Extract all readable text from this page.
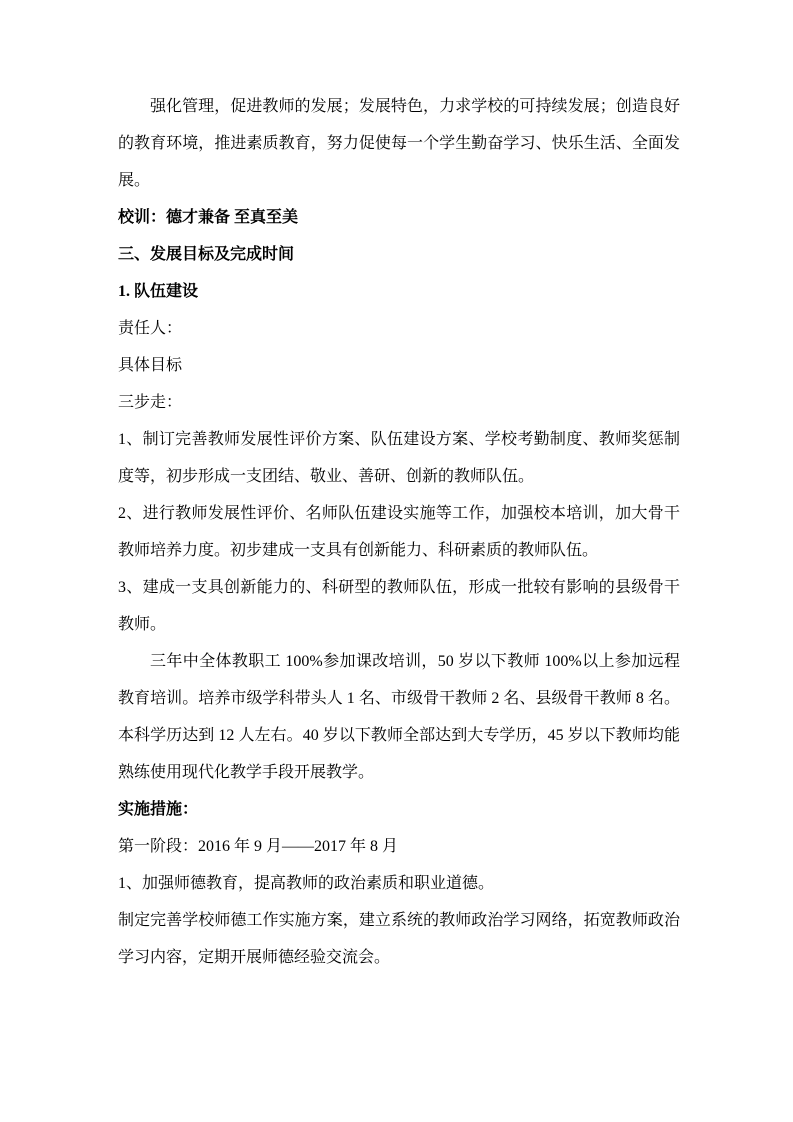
强化管理，促进教师的发展；发展特色，力求学校的可持续发展；创造良好的教育环境，推进素质教育，努力促使每一个学生勤奋学习、快乐生活、全面发展。

校训：德才兼备 至真至美

三、发展目标及完成时间

1. 队伍建设

责任人：

具体目标

三步走：

1、制订完善教师发展性评价方案、队伍建设方案、学校考勤制度、教师奖惩制度等，初步形成一支团结、敬业、善研、创新的教师队伍。

2、进行教师发展性评价、名师队伍建设实施等工作，加强校本培训，加大骨干教师培养力度。初步建成一支具有创新能力、科研素质的教师队伍。

3、建成一支具创新能力的、科研型的教师队伍，形成一批较有影响的县级骨干教师。

三年中全体教职工 100%参加课改培训，50 岁以下教师 100%以上参加远程教育培训。培养市级学科带头人 1 名、市级骨干教师 2 名、县级骨干教师 8 名。本科学历达到 12 人左右。40 岁以下教师全部达到大专学历，45 岁以下教师均能熟练使用现代化教学手段开展教学。

实施措施：

第一阶段：2016 年 9 月——2017 年 8 月

1、加强师德教育，提高教师的政治素质和职业道德。

制定完善学校师德工作实施方案，建立系统的教师政治学习网络，拓宽教师政治学习内容，定期开展师德经验交流会。
